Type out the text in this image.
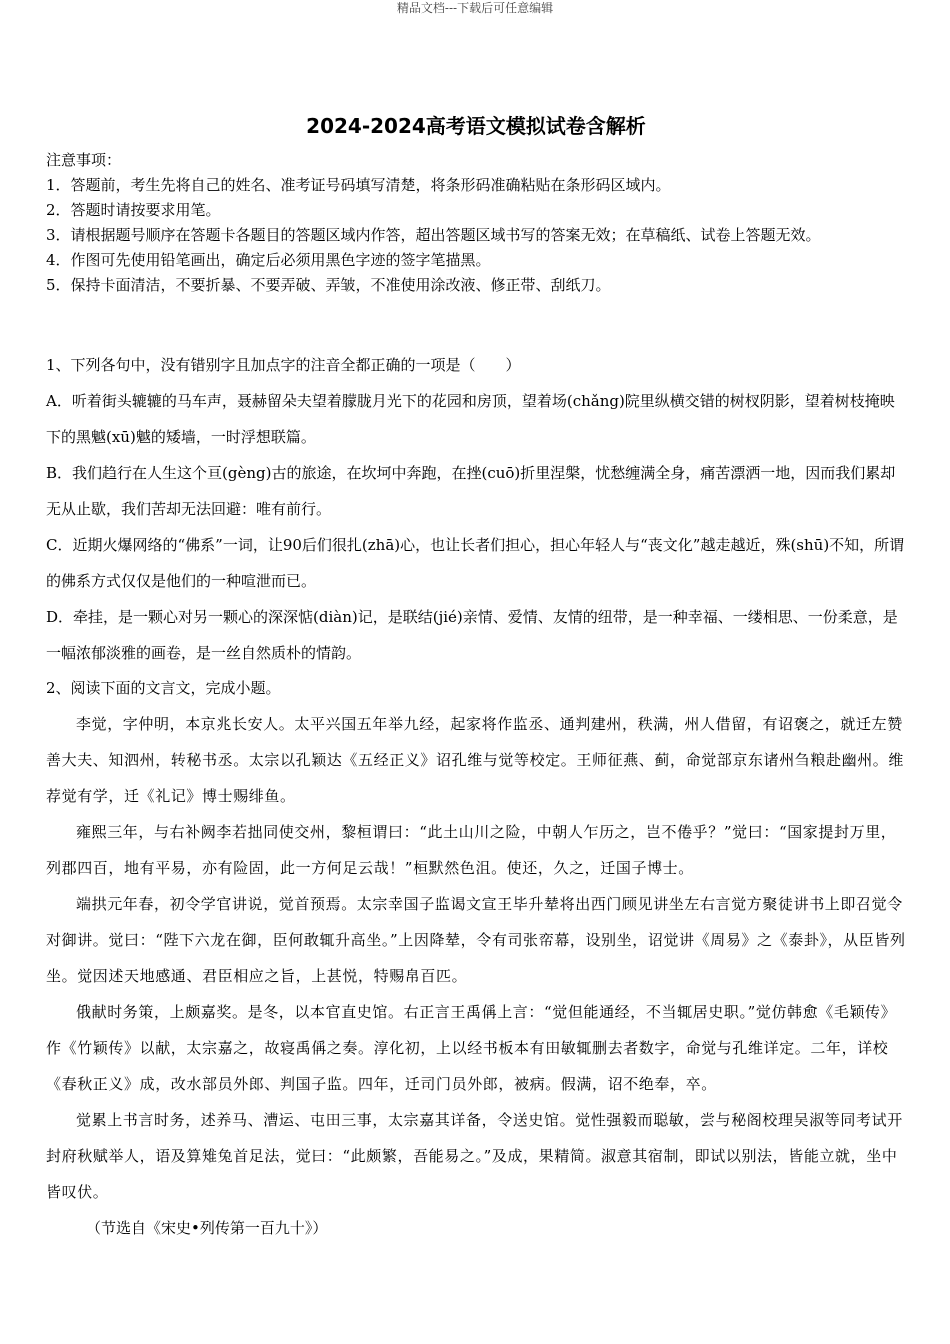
精品文档---下载后可任意编辑
2024-2024高考语文模拟试卷含解析
注意事项：
1．答题前，考生先将自己的姓名、准考证号码填写清楚，将条形码准确粘贴在条形码区域内。
2．答题时请按要求用笔。
3．请根据题号顺序在答题卡各题目的答题区域内作答，超出答题区域书写的答案无效；在草稿纸、试卷上答题无效。
4．作图可先使用铅笔画出，确定后必须用黑色字迹的签字笔描黑。
5．保持卡面清洁，不要折暴、不要弄破、弄皱，不准使用涂改液、修正带、刮纸刀。

1、下列各句中，没有错别字且加点字的注音全都正确的一项是（　　）

A．听着街头辘辘的马车声，聂赫留朵夫望着朦胧月光下的花园和房顶，望着场(chǎng)院里纵横交错的树杈阴影，望着树枝掩映下的黑魆(xū)魆的矮墙，一时浮想联篇。

B．我们趋行在人生这个亘(gèng)古的旅途，在坎坷中奔跑，在挫(cuō)折里涅槃，忧愁缠满全身，痛苦漂洒一地，因而我们累却无从止歇，我们苦却无法回避：唯有前行。

C．近期火爆网络的“佛系”一词，让90后们很扎(zhā)心，也让长者们担心，担心年轻人与“丧文化”越走越近，殊(shū)不知，所谓的佛系方式仅仅是他们的一种喧泄而已。

D．牵挂，是一颗心对另一颗心的深深惦(diàn)记，是联结(jié)亲情、爱情、友情的纽带，是一种幸福、一缕相思、一份柔意，是一幅浓郁淡雅的画卷，是一丝自然质朴的情韵。

2、阅读下面的文言文，完成小题。

李觉，字仲明，本京兆长安人。太平兴国五年举九经，起家将作监丞、通判建州，秩满，州人借留，有诏褒之，就迁左赞善大夫、知泗州，转秘书丞。太宗以孔颖达《五经正义》诏孔维与觉等校定。王师征燕、蓟，命觉部京东诸州刍粮赴幽州。维荐觉有学，迁《礼记》博士赐绯鱼。

雍熙三年，与右补阙李若拙同使交州，黎桓谓曰：“此土山川之险，中朝人乍历之，岂不倦乎？”觉曰：“国家提封万里，列郡四百，地有平易，亦有险固，此一方何足云哉！”桓默然色沮。使还，久之，迁国子博士。

端拱元年春，初令学官讲说，觉首预焉。太宗幸国子监谒文宣王毕升辇将出西门顾见讲坐左右言觉方聚徒讲书上即召觉令对御讲。觉曰：“陛下六龙在御，臣何敢辄升高坐。”上因降辇，令有司张帟幕，设别坐，诏觉讲《周易》之《泰卦》，从臣皆列坐。觉因述天地感通、君臣相应之旨，上甚悦，特赐帛百匹。

俄献时务策，上颇嘉奖。是冬，以本官直史馆。右正言王禹偁上言：“觉但能通经，不当辄居史职。”觉仿韩愈《毛颖传》作《竹颖传》以献，太宗嘉之，故寝禹偁之奏。淳化初，上以经书板本有田敏辄删去者数字，命觉与孔维详定。二年，详校《春秋正义》成，改水部员外郎、判国子监。四年，迁司门员外郎，被病。假满，诏不绝奉，卒。

觉累上书言时务，述养马、漕运、屯田三事，太宗嘉其详备，令送史馆。觉性强毅而聪敏，尝与秘阁校理吴淑等同考试开封府秋赋举人，语及算雉兔首足法，觉曰：“此颇繁，吾能易之。”及成，果精简。淑意其宿制，即试以别法，皆能立就，坐中皆叹伏。

（节选自《宋史•列传第一百九十》）
